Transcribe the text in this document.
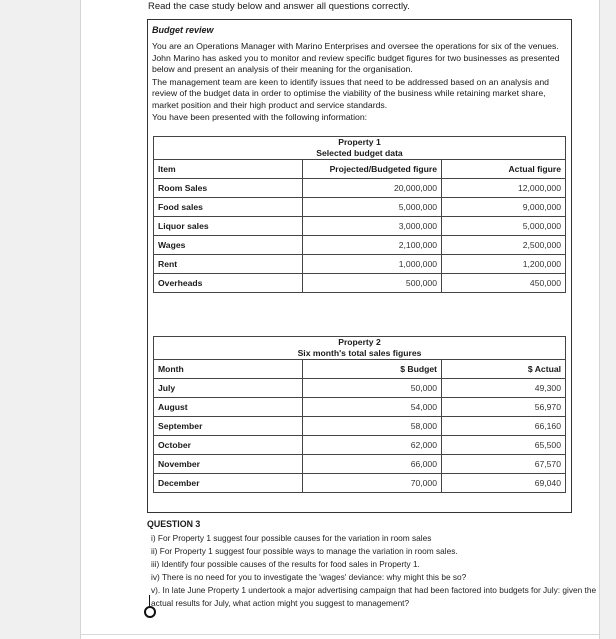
Read the case study below and answer all questions correctly.

Budget review

You are an Operations Manager with Marino Enterprises and oversee the operations for six of the venues. John Marino has asked you to monitor and review specific budget figures for two businesses as presented below and present an analysis of their meaning for the organisation.

The management team are keen to identify issues that need to be addressed based on an analysis and review of the budget data in order to optimise the viability of the business while retaining market share, market position and their high product and service standards.

You have been presented with the following information:

Property 1
Selected budget data		

Item	Projected/Budgeted figure	Actual figure
Room Sales	20,000,000	12,000,000
Food sales	5,000,000	9,000,000
Liquor sales	3,000,000	5,000,000
Wages	2,100,000	2,500,000
Rent	1,000,000	1,200,000
Overheads	500,000	450,000
Property 2
Six month's total sales figures		

Month	$ Budget	$ Actual
July	50,000	49,300
August	54,000	56,970
September	58,000	66,160
October	62,000	65,500
November	66,000	67,570
December	70,000	69,040

QUESTION 3

i) For Property 1 suggest four possible causes for the variation in room sales

ii) For Property 1 suggest four possible ways to manage the variation in room sales.

iii) Identify four possible causes of the results for food sales in Property 1.

iv) There is no need for you to investigate the 'wages' deviance: why might this be so?

v). In late June Property 1 undertook a major advertising campaign that had been factored into budgets for July: given the actual results for July, what action might you suggest to management?
